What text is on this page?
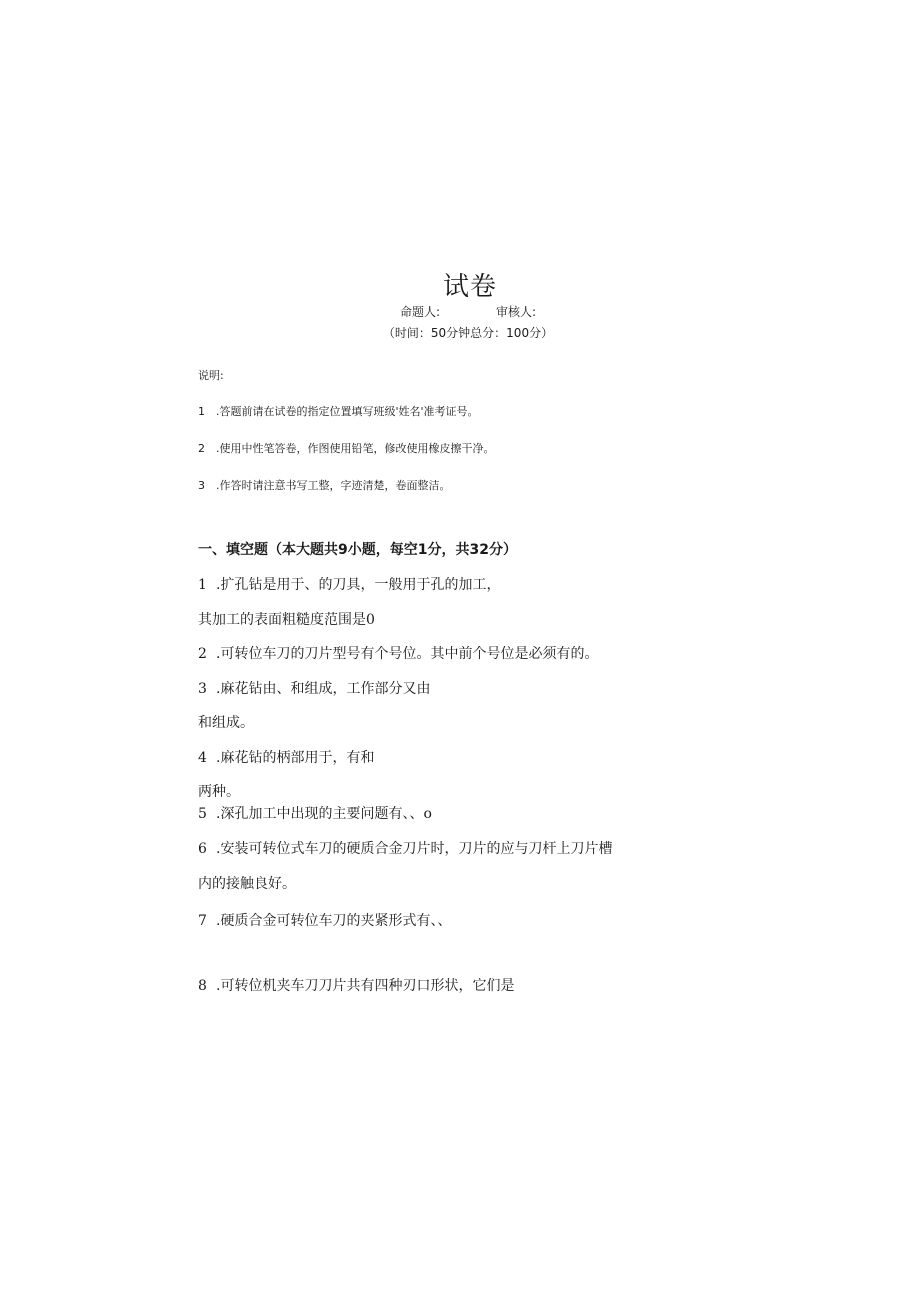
试卷
命题人:	审核人:
（时间：50分钟总分：100分）
说明:
1 .答题前请在试卷的指定位置填写班级'姓名'准考证号。
2 .使用中性笔答卷，作图使用铅笔，修改使用橡皮擦干净。
3 .作答时请注意书写工整，字迹清楚，卷面整洁。
一、填空题（本大题共9小题，每空1分，共32分）
1 .扩孔钻是用于、的刀具，一般用于孔的加工，
其加工的表面粗糙度范围是0
2 .可转位车刀的刀片型号有个号位。其中前个号位是必须有的。
3 .麻花钻由、和组成，工作部分又由
和组成。
4 .麻花钻的柄部用于，有和
两种。
5 .深孔加工中出现的主要问题有、、o
6 .安装可转位式车刀的硬质合金刀片时，刀片的应与刀杆上刀片槽
内的接触良好。
7 .硬质合金可转位车刀的夹紧形式有、、
8 .可转位机夹车刀刀片共有四种刃口形状，它们是
